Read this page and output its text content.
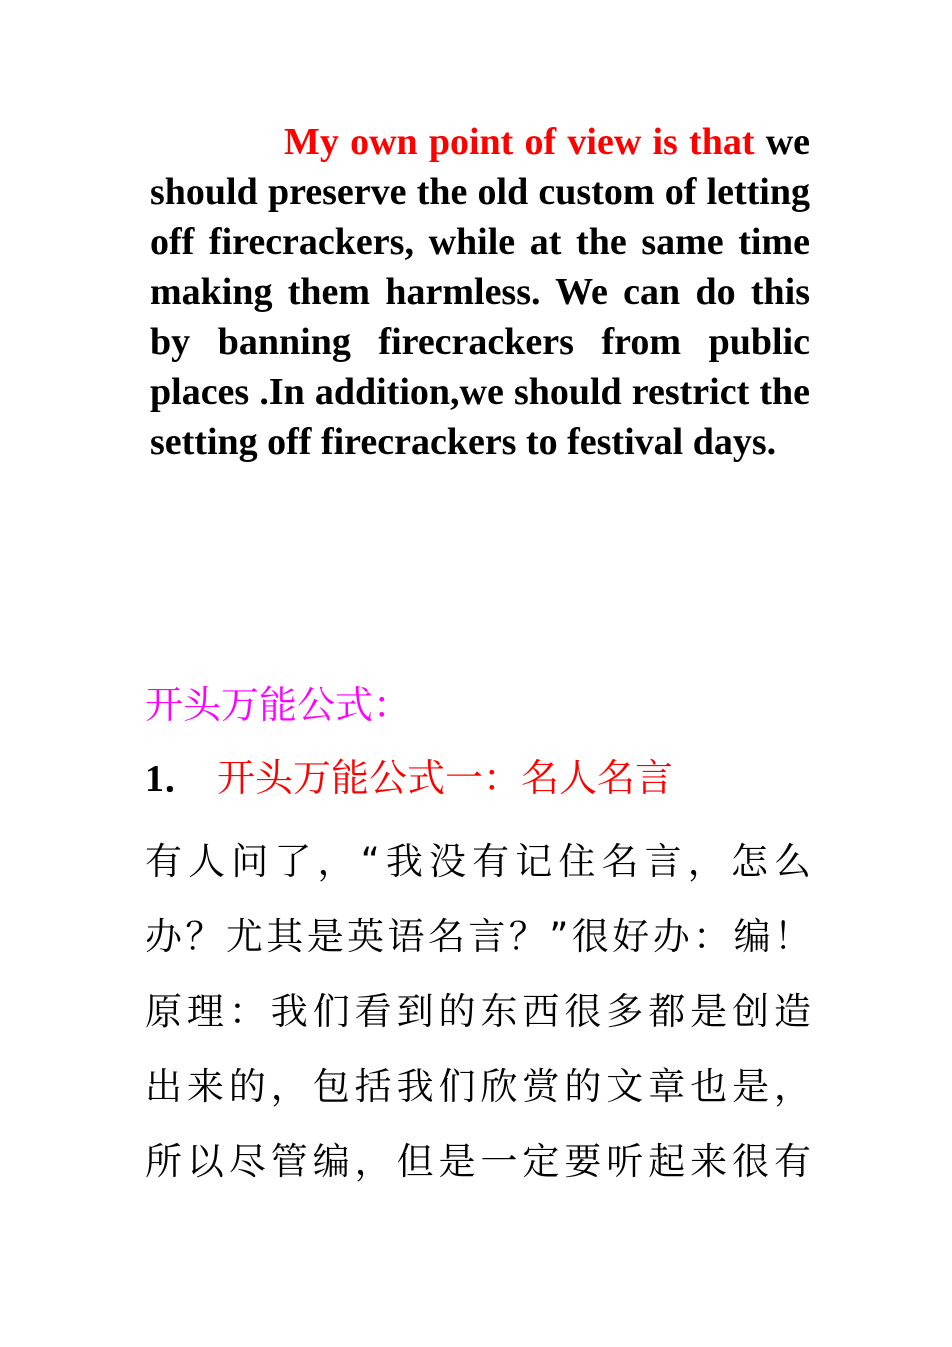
My own point of view is that we should preserve the old custom of letting off firecrackers, while at the same time making them harmless. We can do this by banning firecrackers from public places .In addition,we should restrict the setting off firecrackers to festival days.

开头万能公式：

1． 开头万能公式一：名人名言

有人问了，“我没有记住名言，怎么
办？尤其是英语名言？”很好办：编！
原理：我们看到的东西很多都是创造
出来的，包括我们欣赏的文章也是，
所以尽管编，但是一定要听起来很有
